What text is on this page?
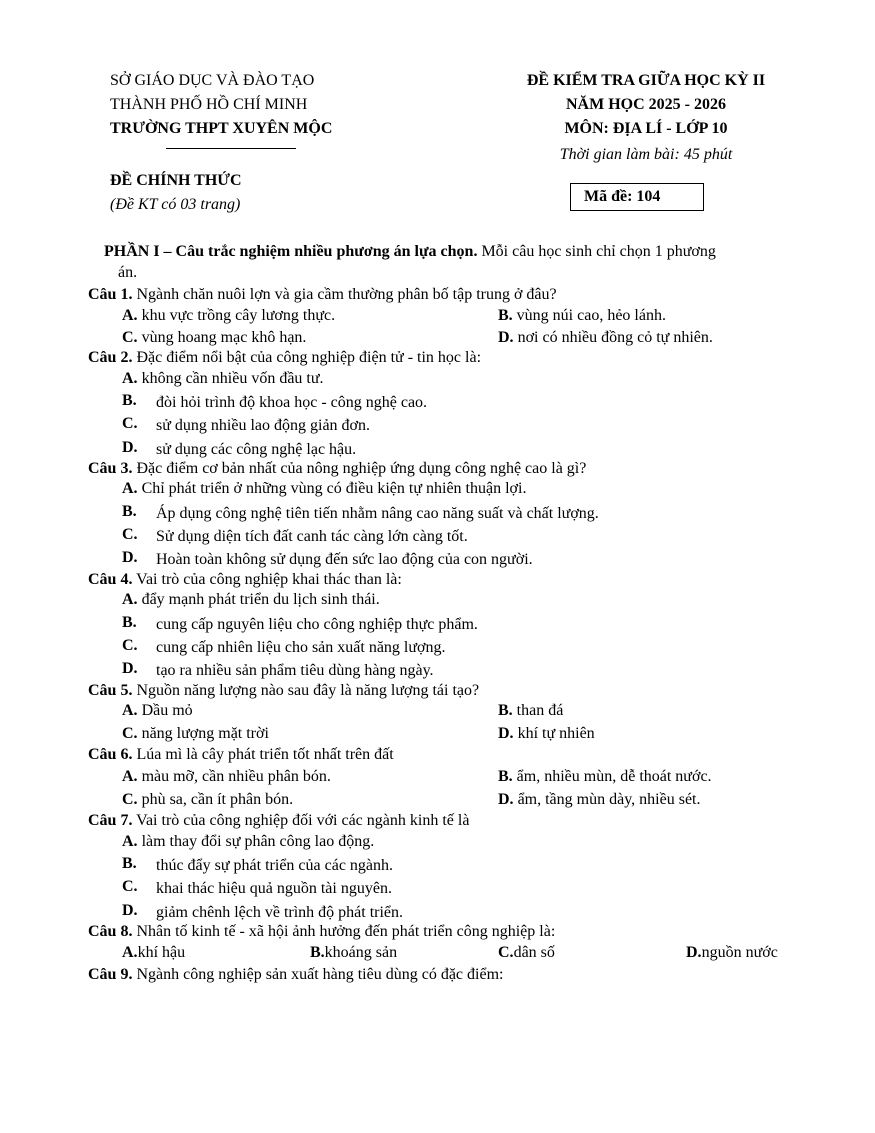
SỞ GIÁO DỤC VÀ ĐÀO TẠO
THÀNH PHỐ HỒ CHÍ MINH
TRƯỜNG THPT XUYÊN MỘC
ĐỀ KIỂM TRA GIỮA HỌC KỲ II
NĂM HỌC 2025 - 2026
MÔN: ĐỊA LÍ - LỚP 10
Thời gian làm bài: 45 phút
ĐỀ CHÍNH THỨC
(Đề KT có 03 trang)	Mã đề: 104

PHẦN I – Câu trắc nghiệm nhiều phương án lựa chọn. Mỗi câu học sinh chỉ chọn 1 phương

án.

Câu 1. Ngành chăn nuôi lợn và gia cầm thường phân bố tập trung ở đâu?

A. khu vực trồng cây lương thực.	B. vùng núi cao, hẻo lánh.
C. vùng hoang mạc khô hạn.	D. nơi có nhiều đồng cỏ tự nhiên.

Câu 2. Đặc điểm nổi bật của công nghiệp điện tử - tin học là:

A. không cần nhiều vốn đầu tư.

B. đòi hỏi trình độ khoa học - công nghệ cao.
C. sử dụng nhiều lao động giản đơn.
D. sử dụng các công nghệ lạc hậu.

Câu 3. Đặc điểm cơ bản nhất của nông nghiệp ứng dụng công nghệ cao là gì?

A. Chỉ phát triển ở những vùng có điều kiện tự nhiên thuận lợi.

B. Áp dụng công nghệ tiên tiến nhằm nâng cao năng suất và chất lượng.
C. Sử dụng diện tích đất canh tác càng lớn càng tốt.
D. Hoàn toàn không sử dụng đến sức lao động của con người.

Câu 4. Vai trò của công nghiệp khai thác than là:

A. đẩy mạnh phát triển du lịch sinh thái.

B. cung cấp nguyên liệu cho công nghiệp thực phẩm.
C. cung cấp nhiên liệu cho sản xuất năng lượng.
D. tạo ra nhiều sản phẩm tiêu dùng hàng ngày.

Câu 5. Nguồn năng lượng nào sau đây là năng lượng tái tạo?

A. Dầu mỏ	B. than đá
C. năng lượng mặt trời	D. khí tự nhiên

Câu 6. Lúa mì là cây phát triển tốt nhất trên đất

A. màu mỡ, cần nhiều phân bón.	B. ẩm, nhiều mùn, dễ thoát nước.
C. phù sa, cần ít phân bón.	D. ẩm, tầng mùn dày, nhiều sét.

Câu 7. Vai trò của công nghiệp đối với các ngành kinh tế là

A. làm thay đổi sự phân công lao động.

B. thúc đẩy sự phát triển của các ngành.
C. khai thác hiệu quả nguồn tài nguyên.
D. giảm chênh lệch về trình độ phát triển.

Câu 8. Nhân tố kinh tế - xã hội ảnh hưởng đến phát triển công nghiệp là:

A. khí hậu	B. khoáng sản	C. dân số	D. nguồn nước

Câu 9. Ngành công nghiệp sản xuất hàng tiêu dùng có đặc điểm:
